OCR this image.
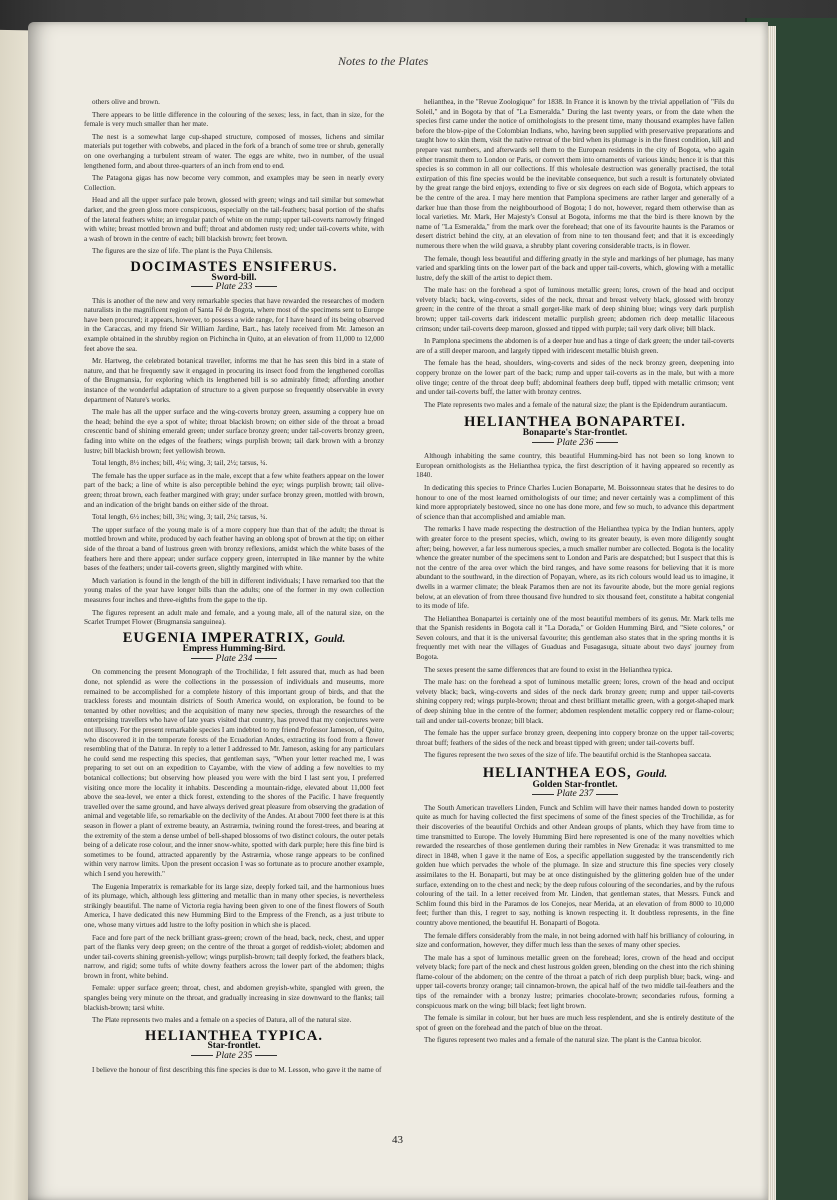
Notes to the Plates

others olive and brown.

There appears to be little difference in the colouring of the sexes; less, in fact, than in size, for the female is very much smaller than her mate.

The nest is a somewhat large cup-shaped structure, composed of mosses, lichens and similar materials put together with cobwebs, and placed in the fork of a branch of some tree or shrub, generally on one overhanging a turbulent stream of water. The eggs are white, two in number, of the usual lengthened form, and about three-quarters of an inch from end to end.

The Patagona gigas has now become very common, and examples may be seen in nearly every Collection.

Head and all the upper surface pale brown, glossed with green; wings and tail similar but somewhat darker, and the green gloss more conspicuous, especially on the tail-feathers; basal portion of the shafts of the lateral feathers white; an irregular patch of white on the rump; upper tail-coverts narrowly fringed with white; breast mottled brown and buff; throat and abdomen rusty red; under tail-coverts white, with a wash of brown in the centre of each; bill blackish brown; feet brown.

The figures are the size of life. The plant is the Puya Chilensis.

DOCIMASTES ENSIFERUS.
Sword-bill.
Plate 233

This is another of the new and very remarkable species that have rewarded the researches of modern naturalists in the magnificent region of Santa Fé de Bogota, where most of the specimens sent to Europe have been procured; it appears, however, to possess a wide range, for I have heard of its being observed in the Caraccas, and my friend Sir William Jardine, Bart., has lately received from Mr. Jameson an example obtained in the shrubby region on Pichincha in Quito, at an elevation of from 11,000 to 12,000 feet above the sea.

Mr. Hartweg, the celebrated botanical traveller, informs me that he has seen this bird in a state of nature, and that he frequently saw it engaged in procuring its insect food from the lengthened corollas of the Brugmansia, for exploring which its lengthened bill is so admirably fitted; affording another instance of the wonderful adaptation of structure to a given purpose so frequently observable in every department of Nature's works.

The male has all the upper surface and the wing-coverts bronzy green, assuming a coppery hue on the head; behind the eye a spot of white; throat blackish brown; on either side of the throat a broad crescentic band of shining emerald green; under surface bronzy green; under tail-coverts bronzy green, fading into white on the edges of the feathers; wings purplish brown; tail dark brown with a bronzy lustre; bill blackish brown; feet yellowish brown.

Total length, 8½ inches; bill, 4¼; wing, 3; tail, 2½; tarsus, ¼.

The female has the upper surface as in the male, except that a few white feathers appear on the lower part of the back; a line of white is also perceptible behind the eye; wings purplish brown; tail olive-green; throat brown, each feather margined with gray; under surface bronzy green, mottled with brown, and an indication of the bright bands on either side of the throat.

Total length, 6½ inches; bill, 3¾; wing, 3; tail, 2¼; tarsus, ¼.

The upper surface of the young male is of a more coppery hue than that of the adult; the throat is mottled brown and white, produced by each feather having an oblong spot of brown at the tip; on either side of the throat a band of lustrous green with bronzy reflexions, amidst which the white bases of the feathers here and there appear; under surface coppery green, interrupted in like manner by the white bases of the feathers; under tail-coverts green, slightly margined with white.

Much variation is found in the length of the bill in different individuals; I have remarked too that the young males of the year have longer bills than the adults; one of the former in my own collection measures four inches and three-eighths from the gape to the tip.

The figures represent an adult male and female, and a young male, all of the natural size, on the Scarlet Trumpet Flower (Brugmansia sanguinea).

EUGENIA IMPERATRIX, Gould.
Empress Humming-Bird.
Plate 234

On commencing the present Monograph of the Trochilidæ, I felt assured that, much as had been done, not splendid as were the collections in the possession of individuals and museums, more remained to be accomplished for a complete history of this important group of birds, and that the trackless forests and mountain districts of South America would, on exploration, be found to be tenanted by other novelties; and the acquisition of many new species, through the researches of the enterprising travellers who have of late years visited that country, has proved that my conjectures were not illusory. For the present remarkable species I am indebted to my friend Professor Jameson, of Quito, who discovered it in the temperate forests of the Ecuadorian Andes, extracting its food from a flower resembling that of the Daturæ. In reply to a letter I addressed to Mr. Jameson, asking for any particulars he could send me respecting this species, that gentleman says, "When your letter reached me, I was preparing to set out on an expedition to Cayambe, with the view of adding a few novelties to my botanical collections; but observing how pleased you were with the bird I last sent you, I preferred visiting once more the locality it inhabits. Descending a mountain-ridge, elevated about 11,000 feet above the sea-level, we enter a thick forest, extending to the shores of the Pacific. I have frequently travelled over the same ground, and have always derived great pleasure from observing the gradation of animal and vegetable life, so remarkable on the declivity of the Andes. At about 7000 feet there is at this season in flower a plant of extreme beauty, an Astrærnia, twining round the forest-trees, and bearing at the extremity of the stem a dense umbel of bell-shaped blossoms of two distinct colours, the outer petals being of a delicate rose colour, and the inner snow-white, spotted with dark purple; here this fine bird is sometimes to be found, attracted apparently by the Astrærnia, whose range appears to be confined within very narrow limits. Upon the present occasion I was so fortunate as to procure another example, which I send you herewith."

The Eugenia Imperatrix is remarkable for its large size, deeply forked tail, and the harmonious hues of its plumage, which, although less glittering and metallic than in many other species, is nevertheless strikingly beautiful. The name of Victoria regia having been given to one of the finest flowers of South America, I have dedicated this new Humming Bird to the Empress of the French, as a just tribute to one, whose many virtues add lustre to the lofty position in which she is placed.

Face and fore part of the neck brilliant grass-green; crown of the head, back, neck, chest, and upper part of the flanks very deep green; on the centre of the throat a gorget of reddish-violet; abdomen and under tail-coverts shining greenish-yellow; wings purplish-brown; tail deeply forked, the feathers black, narrow, and rigid; some tufts of white downy feathers across the lower part of the abdomen; thighs brown in front, white behind.

Female: upper surface green; throat, chest, and abdomen greyish-white, spangled with green, the spangles being very minute on the throat, and gradually increasing in size downward to the flanks; tail blackish-brown; tarsi white.

The Plate represents two males and a female on a species of Datura, all of the natural size.

HELIANTHEA TYPICA.
Star-frontlet.
Plate 235

I believe the honour of first describing this fine species is due to M. Lesson, who gave it the name of

helianthea, in the "Revue Zoologique" for 1838. In France it is known by the trivial appellation of "Fils du Soleil," and in Bogota by that of "La Esmeralda." During the last twenty years, or from the date when the species first came under the notice of ornithologists to the present time, many thousand examples have fallen before the blow-pipe of the Colombian Indians, who, having been supplied with preservative preparations and taught how to skin them, visit the native retreat of the bird when its plumage is in the finest condition, kill and prepare vast numbers, and afterwards sell them to the European residents in the city of Bogota, who again either transmit them to London or Paris, or convert them into ornaments of various kinds; hence it is that this species is so common in all our collections. If this wholesale destruction was generally practised, the total extirpation of this fine species would be the inevitable consequence, but such a result is fortunately obviated by the great range the bird enjoys, extending to five or six degrees on each side of Bogota, which appears to be the centre of the area. I may here mention that Pamplona specimens are rather larger and generally of a darker hue than those from the neighbourhood of Bogota; I do not, however, regard them otherwise than as local varieties. Mr. Mark, Her Majesty's Consul at Bogota, informs me that the bird is there known by the name of "La Esmeralda," from the mark over the forehead; that one of its favourite haunts is the Paramos or desert district behind the city, at an elevation of from nine to ten thousand feet; and that it is exceedingly numerous there when the wild guava, a shrubby plant covering considerable tracts, is in flower.

The female, though less beautiful and differing greatly in the style and markings of her plumage, has many varied and sparkling tints on the lower part of the back and upper tail-coverts, which, glowing with a metallic lustre, defy the skill of the artist to depict them.

The male has: on the forehead a spot of luminous metallic green; lores, crown of the head and occiput velvety black; back, wing-coverts, sides of the neck, throat and breast velvety black, glossed with bronzy green; in the centre of the throat a small gorget-like mark of deep shining blue; wings very dark purplish brown; upper tail-coverts dark iridescent metallic purplish green; abdomen rich deep metallic lilaceous crimson; under tail-coverts deep maroon, glossed and tipped with purple; tail very dark olive; bill black.

In Pamplona specimens the abdomen is of a deeper hue and has a tinge of dark green; the under tail-coverts are of a still deeper maroon, and largely tipped with iridescent metallic bluish green.

The female has the head, shoulders, wing-coverts and sides of the neck bronzy green, deepening into coppery bronze on the lower part of the back; rump and upper tail-coverts as in the male, but with a more olive tinge; centre of the throat deep buff; abdominal feathers deep buff, tipped with metallic crimson; vent and under tail-coverts buff, the latter with bronzy centres.

The Plate represents two males and a female of the natural size; the plant is the Epidendrum aurantiacum.

HELIANTHEA BONAPARTEI.
Bonaparte's Star-frontlet.
Plate 236

Although inhabiting the same country, this beautiful Humming-bird has not been so long known to European ornithologists as the Helianthea typica, the first description of it having appeared so recently as 1840.

In dedicating this species to Prince Charles Lucien Bonaparte, M. Boissonneau states that he desires to do honour to one of the most learned ornithologists of our time; and never certainly was a compliment of this kind more appropriately bestowed, since no one has done more, and few so much, to advance this department of science than that accomplished and amiable man.

The remarks I have made respecting the destruction of the Helianthea typica by the Indian hunters, apply with greater force to the present species, which, owing to its greater beauty, is even more diligently sought after; being, however, a far less numerous species, a much smaller number are collected. Bogota is the locality whence the greater number of the specimens sent to London and Paris are despatched; but I suspect that this is not the centre of the area over which the bird ranges, and have some reasons for believing that it is more abundant to the southward, in the direction of Popayan, where, as its rich colours would lead us to imagine, it dwells in a warmer climate; the bleak Paramos then are not its favourite abode, but the more genial regions below, at an elevation of from three thousand five hundred to six thousand feet, constitute a habitat congenial to its mode of life.

The Helianthea Bonapartei is certainly one of the most beautiful members of its genus. Mr. Mark tells me that the Spanish residents in Bogota call it "La Dorada," or Golden Humming Bird, and "Siete colores," or Seven colours, and that it is the universal favourite; this gentleman also states that in the spring months it is frequently met with near the villages of Guaduas and Fusagasuga, situate about two days' journey from Bogota.

The sexes present the same differences that are found to exist in the Helianthea typica.

The male has: on the forehead a spot of luminous metallic green; lores, crown of the head and occiput velvety black; back, wing-coverts and sides of the neck dark bronzy green; rump and upper tail-coverts shining coppery red; wings purple-brown; throat and chest brilliant metallic green, with a gorget-shaped mark of deep shining blue in the centre of the former; abdomen resplendent metallic coppery red or flame-colour; tail and under tail-coverts bronze; bill black.

The female has the upper surface bronzy green, deepening into coppery bronze on the upper tail-coverts; throat buff; feathers of the sides of the neck and breast tipped with green; under tail-coverts buff.

The figures represent the two sexes of the size of life. The beautiful orchid is the Stanhopea saccata.

HELIANTHEA EOS, Gould.
Golden Star-frontlet.
Plate 237

The South American travellers Linden, Funck and Schlim will have their names handed down to posterity quite as much for having collected the first specimens of some of the finest species of the Trochilidæ, as for their discoveries of the beautiful Orchids and other Andean groups of plants, which they have from time to time transmitted to Europe. The lovely Humming Bird here represented is one of the many novelties which rewarded the researches of those gentlemen during their rambles in New Grenada: it was transmitted to me direct in 1848, when I gave it the name of Eos, a specific appellation suggested by the transcendently rich golden hue which pervades the whole of the plumage. In size and structure this fine species very closely assimilates to the H. Bonaparti, but may be at once distinguished by the glittering golden hue of the under surface, extending on to the chest and neck; by the deep rufous colouring of the secondaries, and by the rufous colouring of the tail. In a letter received from Mr. Linden, that gentleman states, that Messrs. Funck and Schlim found this bird in the Paramos de los Conejos, near Merida, at an elevation of from 8000 to 10,000 feet; further than this, I regret to say, nothing is known respecting it. It doubtless represents, in the fine country above mentioned, the beautiful H. Bonaparti of Bogota.

The female differs considerably from the male, in not being adorned with half his brilliancy of colouring, in size and conformation, however, they differ much less than the sexes of many other species.

The male has a spot of luminous metallic green on the forehead; lores, crown of the head and occiput velvety black; fore part of the neck and chest lustrous golden green, blending on the chest into the rich shining flame-colour of the abdomen; on the centre of the throat a patch of rich deep purplish blue; back, wing- and upper tail-coverts bronzy orange; tail cinnamon-brown, the apical half of the two middle tail-feathers and the tips of the remainder with a bronzy lustre; primaries chocolate-brown; secondaries rufous, forming a conspicuous mark on the wing; bill black; feet light brown.

The female is similar in colour, but her hues are much less resplendent, and she is entirely destitute of the spot of green on the forehead and the patch of blue on the throat.

The figures represent two males and a female of the natural size. The plant is the Cantua bicolor.

43
